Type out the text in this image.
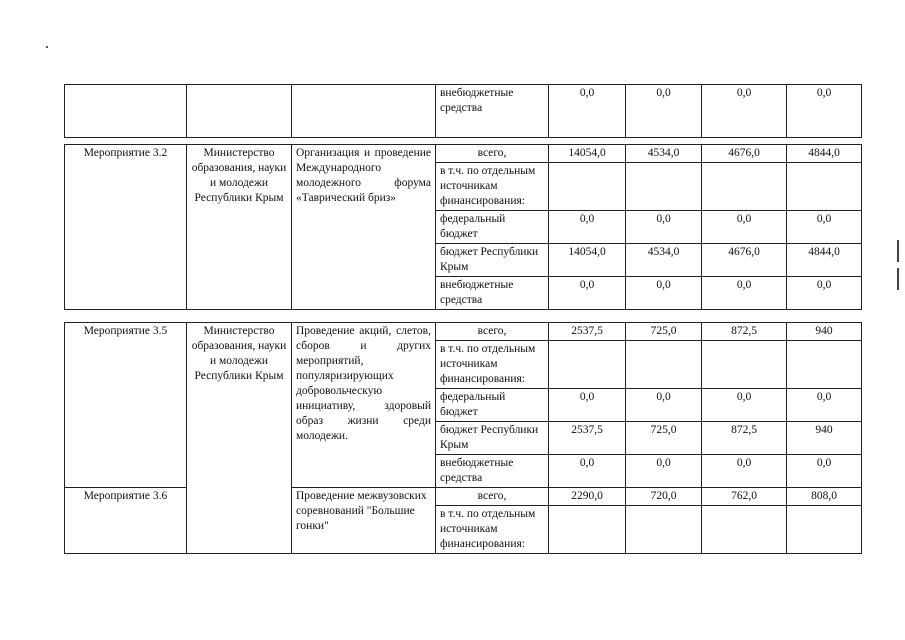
			внебюджетные средства	0,0	0,0	0,0	0,0
Мероприятие 3.2	Министерство образования, науки и молодежи Республики Крым	Организация и проведение Международного молодежного форума «Таврический бриз»	всего,	14054,0	4534,0	4676,0	4844,0
			в т.ч. по отдельным источникам финансирования:				
			федеральный бюджет	0,0	0,0	0,0	0,0
			бюджет Республики Крым	14054,0	4534,0	4676,0	4844,0
			внебюджетные средства	0,0	0,0	0,0	0,0
Мероприятие 3.5	Министерство образования, науки и молодежи Республики Крым	Проведение акций, слетов, сборов и других мероприятий, популяризирующих добровольческую инициативу, здоровый образ жизни среди молодежи.	всего,	2537,5	725,0	872,5	940
			в т.ч. по отдельным источникам финансирования:				
			федеральный бюджет	0,0	0,0	0,0	0,0
			бюджет Республики Крым	2537,5	725,0	872,5	940
			внебюджетные средства	0,0	0,0	0,0	0,0
Мероприятие 3.6		Проведение межвузовских соревнований "Большие гонки"	всего,	2290,0	720,0	762,0	808,0
			в т.ч. по отдельным источникам финансирования:				
